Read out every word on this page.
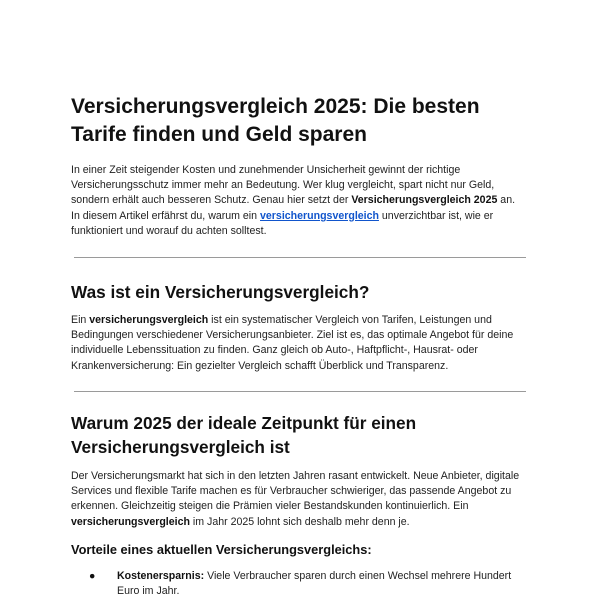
Versicherungsvergleich 2025: Die besten
Tarife finden und Geld sparen

In einer Zeit steigender Kosten und zunehmender Unsicherheit gewinnt der richtige
Versicherungsschutz immer mehr an Bedeutung. Wer klug vergleicht, spart nicht nur Geld,
sondern erhält auch besseren Schutz. Genau hier setzt der Versicherungsvergleich 2025 an.
In diesem Artikel erfährst du, warum ein versicherungsvergleich unverzichtbar ist, wie er
funktioniert und worauf du achten solltest.

Was ist ein Versicherungsvergleich?

Ein versicherungsvergleich ist ein systematischer Vergleich von Tarifen, Leistungen und
Bedingungen verschiedener Versicherungsanbieter. Ziel ist es, das optimale Angebot für deine
individuelle Lebenssituation zu finden. Ganz gleich ob Auto-, Haftpflicht-, Hausrat- oder
Krankenversicherung: Ein gezielter Vergleich schafft Überblick und Transparenz.

Warum 2025 der ideale Zeitpunkt für einen
Versicherungsvergleich ist

Der Versicherungsmarkt hat sich in den letzten Jahren rasant entwickelt. Neue Anbieter, digitale
Services und flexible Tarife machen es für Verbraucher schwieriger, das passende Angebot zu
erkennen. Gleichzeitig steigen die Prämien vieler Bestandskunden kontinuierlich. Ein
versicherungsvergleich im Jahr 2025 lohnt sich deshalb mehr denn je.

Vorteile eines aktuellen Versicherungsvergleichs:
● Kostenersparnis: Viele Verbraucher sparen durch einen Wechsel mehrere Hundert
Euro im Jahr.
